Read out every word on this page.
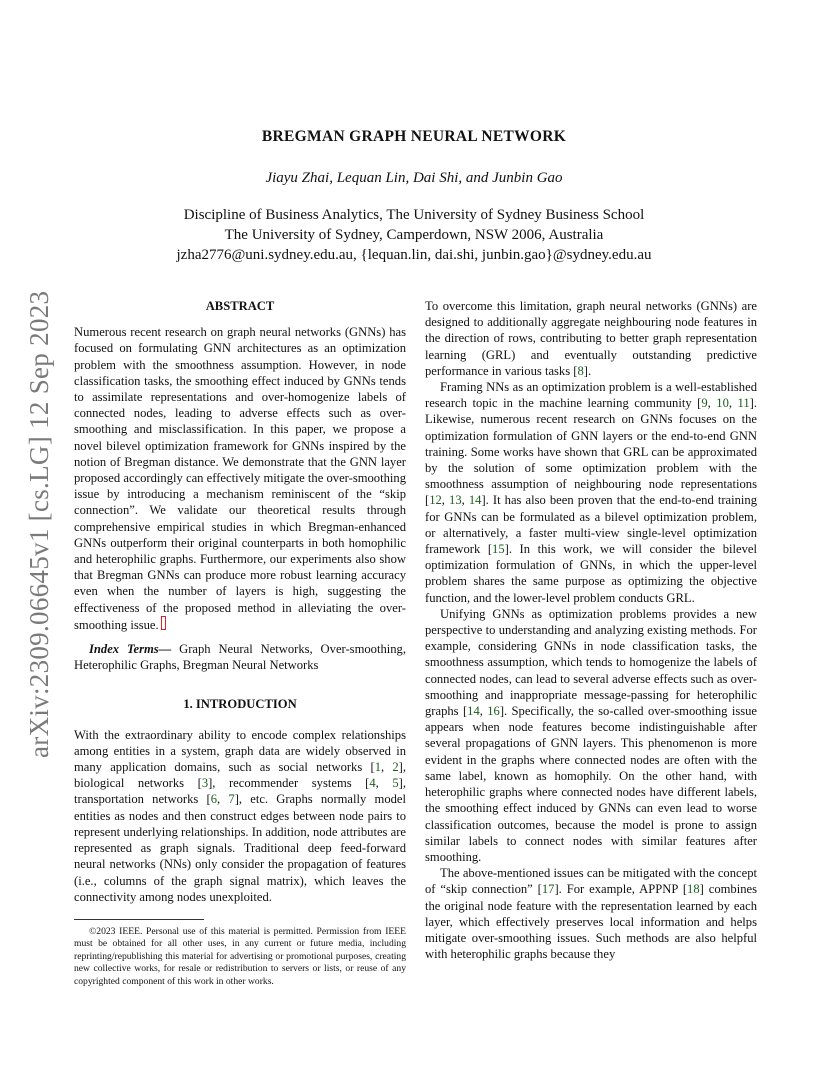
arXiv:2309.06645v1 [cs.LG] 12 Sep 2023
BREGMAN GRAPH NEURAL NETWORK
Jiayu Zhai, Lequan Lin, Dai Shi, and Junbin Gao
Discipline of Business Analytics, The University of Sydney Business School
The University of Sydney, Camperdown, NSW 2006, Australia
jzha2776@uni.sydney.edu.au, {lequan.lin, dai.shi, junbin.gao}@sydney.edu.au
ABSTRACT

Numerous recent research on graph neural networks (GNNs) has focused on formulating GNN architectures as an optimization problem with the smoothness assumption. However, in node classification tasks, the smoothing effect induced by GNNs tends to assimilate representations and over-homogenize labels of connected nodes, leading to adverse effects such as over-smoothing and misclassification. In this paper, we propose a novel bilevel optimization framework for GNNs inspired by the notion of Bregman distance. We demonstrate that the GNN layer proposed accordingly can effectively mitigate the over-smoothing issue by introducing a mechanism reminiscent of the “skip connection”. We validate our theoretical results through comprehensive empirical studies in which Bregman-enhanced GNNs outperform their original counterparts in both homophilic and heterophilic graphs. Furthermore, our experiments also show that Bregman GNNs can produce more robust learning accuracy even when the number of layers is high, suggesting the effectiveness of the proposed method in alleviating the over-smoothing issue.

Index Terms— Graph Neural Networks, Over-smoothing, Heterophilic Graphs, Bregman Neural Networks

1. INTRODUCTION

With the extraordinary ability to encode complex relationships among entities in a system, graph data are widely observed in many application domains, such as social networks [1, 2], biological networks [3], recommender systems [4, 5], transportation networks [6, 7], etc. Graphs normally model entities as nodes and then construct edges between node pairs to represent underlying relationships. In addition, node attributes are represented as graph signals. Traditional deep feed-forward neural networks (NNs) only consider the propagation of features (i.e., columns of the graph signal matrix), which leaves the connectivity among nodes unexploited.

©2023 IEEE. Personal use of this material is permitted. Permission from IEEE must be obtained for all other uses, in any current or future media, including reprinting/republishing this material for advertising or promotional purposes, creating new collective works, for resale or redistribution to servers or lists, or reuse of any copyrighted component of this work in other works.

To overcome this limitation, graph neural networks (GNNs) are designed to additionally aggregate neighbouring node features in the direction of rows, contributing to better graph representation learning (GRL) and eventually outstanding predictive performance in various tasks [8].

Framing NNs as an optimization problem is a well-established research topic in the machine learning community [9, 10, 11]. Likewise, numerous recent research on GNNs focuses on the optimization formulation of GNN layers or the end-to-end GNN training. Some works have shown that GRL can be approximated by the solution of some optimization problem with the smoothness assumption of neighbouring node representations [12, 13, 14]. It has also been proven that the end-to-end training for GNNs can be formulated as a bilevel optimization problem, or alternatively, a faster multi-view single-level optimization framework [15]. In this work, we will consider the bilevel optimization formulation of GNNs, in which the upper-level problem shares the same purpose as optimizing the objective function, and the lower-level problem conducts GRL.

Unifying GNNs as optimization problems provides a new perspective to understanding and analyzing existing methods. For example, considering GNNs in node classification tasks, the smoothness assumption, which tends to homogenize the labels of connected nodes, can lead to several adverse effects such as over-smoothing and inappropriate message-passing for heterophilic graphs [14, 16]. Specifically, the so-called over-smoothing issue appears when node features become indistinguishable after several propagations of GNN layers. This phenomenon is more evident in the graphs where connected nodes are often with the same label, known as homophily. On the other hand, with heterophilic graphs where connected nodes have different labels, the smoothing effect induced by GNNs can even lead to worse classification outcomes, because the model is prone to assign similar labels to connect nodes with similar features after smoothing.

The above-mentioned issues can be mitigated with the concept of “skip connection” [17]. For example, APPNP [18] combines the original node feature with the representation learned by each layer, which effectively preserves local information and helps mitigate over-smoothing issues. Such methods are also helpful with heterophilic graphs because they
